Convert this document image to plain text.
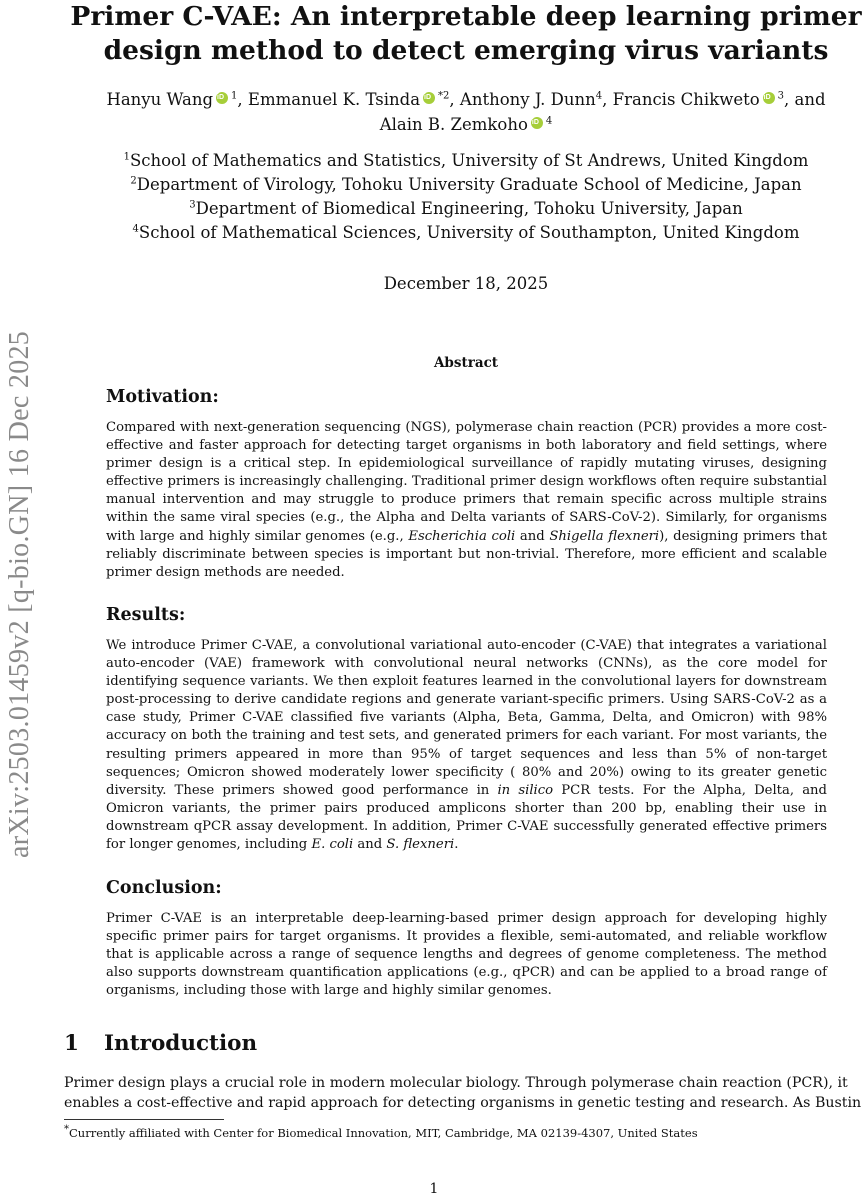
arXiv:2503.01459v2 [q-bio.GN] 16 Dec 2025
Primer C-VAE: An interpretable deep learning primer
design method to detect emerging virus variants
Hanyu Wang iD $^1$, Emmanuel K. Tsinda iD $^{*2}$, Anthony J. Dunn$^4$, Francis Chikweto iD $^3$, and
Alain B. Zemkoho iD $^4$
$^1$School of Mathematics and Statistics, University of St Andrews, United Kingdom
$^2$Department of Virology, Tohoku University Graduate School of Medicine, Japan
$^3$Department of Biomedical Engineering, Tohoku University, Japan
$^4$School of Mathematical Sciences, University of Southampton, United Kingdom
December 18, 2025
Abstract
Motivation:

Compared with next-generation sequencing (NGS), polymerase chain reaction (PCR) provides a more cost-effective and faster approach for detecting target organisms in both laboratory and field settings, where primer design is a critical step. In epidemiological surveillance of rapidly mutating viruses, designing effective primers is increasingly challenging. Traditional primer design workflows often require substantial manual intervention and may struggle to produce primers that remain specific across multiple strains within the same viral species (e.g., the Alpha and Delta variants of SARS-CoV-2). Similarly, for organisms with large and highly similar genomes (e.g., Escherichia coli and Shigella flexneri), designing primers that reliably discriminate between species is important but non-trivial. Therefore, more efficient and scalable primer design methods are needed.

Results:

We introduce Primer C-VAE, a convolutional variational auto-encoder (C-VAE) that integrates a variational auto-encoder (VAE) framework with convolutional neural networks (CNNs), as the core model for identifying sequence variants. We then exploit features learned in the convolutional layers for downstream post-processing to derive candidate regions and generate variant-specific primers. Using SARS-CoV-2 as a case study, Primer C-VAE classified five variants (Alpha, Beta, Gamma, Delta, and Omicron) with 98% accuracy on both the training and test sets, and generated primers for each variant. For most variants, the resulting primers appeared in more than 95% of target sequences and less than 5% of non-target sequences; Omicron showed moderately lower specificity ( 80% and 20%) owing to its greater genetic diversity. These primers showed good performance in in silico PCR tests. For the Alpha, Delta, and Omicron variants, the primer pairs produced amplicons shorter than 200 bp, enabling their use in downstream qPCR assay development. In addition, Primer C-VAE successfully generated effective primers for longer genomes, including E. coli and S. flexneri.

Conclusion:

Primer C-VAE is an interpretable deep-learning-based primer design approach for developing highly specific primer pairs for target organisms. It provides a flexible, semi-automated, and reliable workflow that is applicable across a range of sequence lengths and degrees of genome completeness. The method also supports downstream quantification applications (e.g., qPCR) and can be applied to a broad range of organisms, including those with large and highly similar genomes.

1 Introduction
Primer design plays a crucial role in modern molecular biology. Through polymerase chain reaction (PCR), it
enables a cost-effective and rapid approach for detecting organisms in genetic testing and research. As Bustin
*Currently affiliated with Center for Biomedical Innovation, MIT, Cambridge, MA 02139-4307, United States
1
